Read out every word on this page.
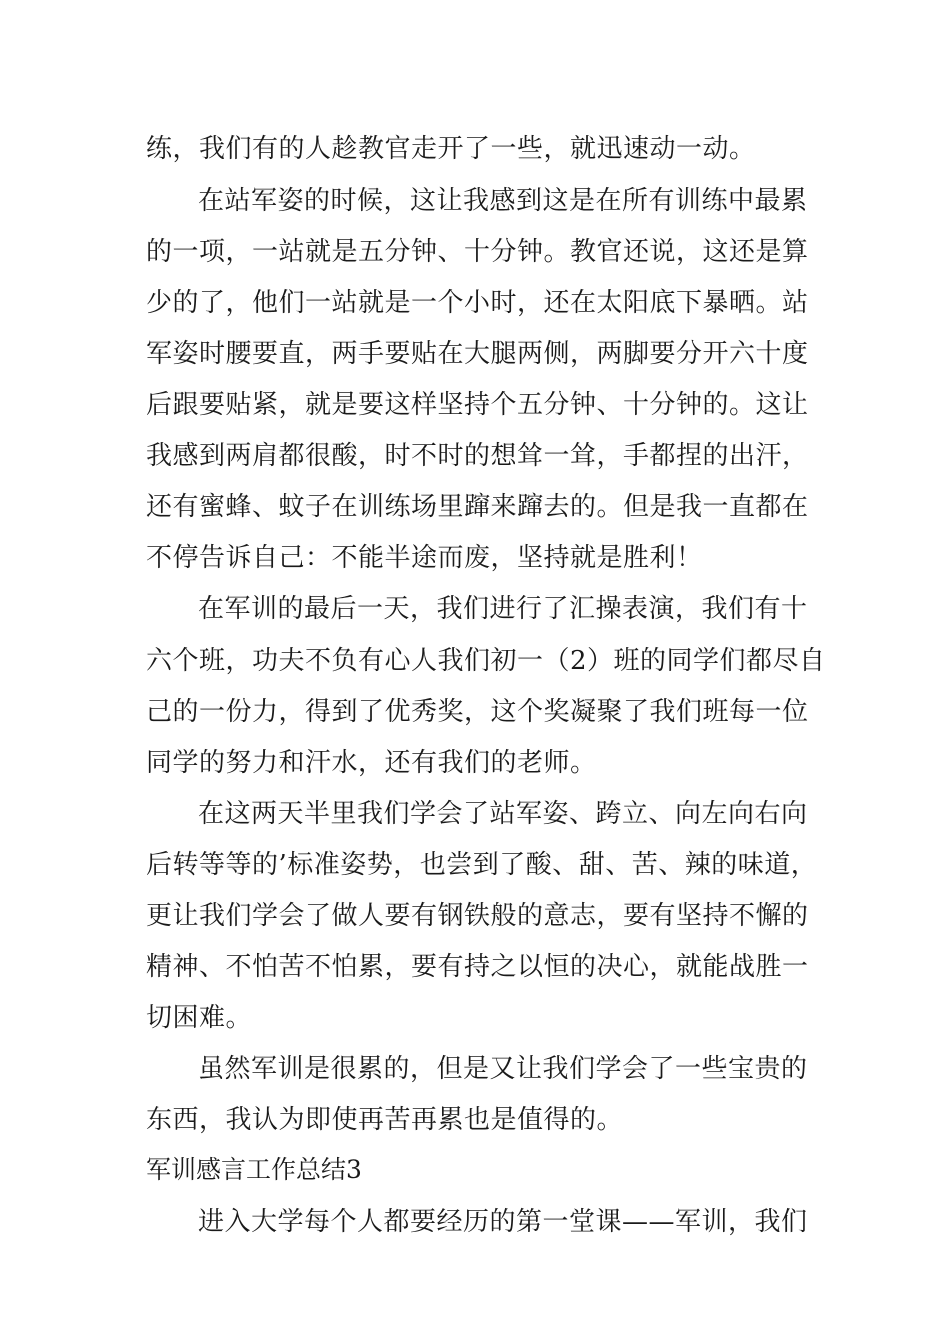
练，我们有的人趁教官走开了一些，就迅速动一动。
在站军姿的时候，这让我感到这是在所有训练中最累
的一项，一站就是五分钟、十分钟。教官还说，这还是算
少的了，他们一站就是一个小时，还在太阳底下暴晒。站
军姿时腰要直，两手要贴在大腿两侧，两脚要分开六十度
后跟要贴紧，就是要这样坚持个五分钟、十分钟的。这让
我感到两肩都很酸，时不时的想耸一耸，手都捏的出汗，
还有蜜蜂、蚊子在训练场里蹿来蹿去的。但是我一直都在
不停告诉自己：不能半途而废，坚持就是胜利！
在军训的最后一天，我们进行了汇操表演，我们有十
六个班，功夫不负有心人我们初一（2）班的同学们都尽自
己的一份力，得到了优秀奖，这个奖凝聚了我们班每一位
同学的努力和汗水，还有我们的老师。
在这两天半里我们学会了站军姿、跨立、向左向右向
后转等等的’标准姿势，也尝到了酸、甜、苦、辣的味道，
更让我们学会了做人要有钢铁般的意志，要有坚持不懈的
精神、不怕苦不怕累，要有持之以恒的决心，就能战胜一
切困难。
虽然军训是很累的，但是又让我们学会了一些宝贵的
东西，我认为即使再苦再累也是值得的。
军训感言工作总结3
进入大学每个人都要经历的第一堂课——军训，我们
